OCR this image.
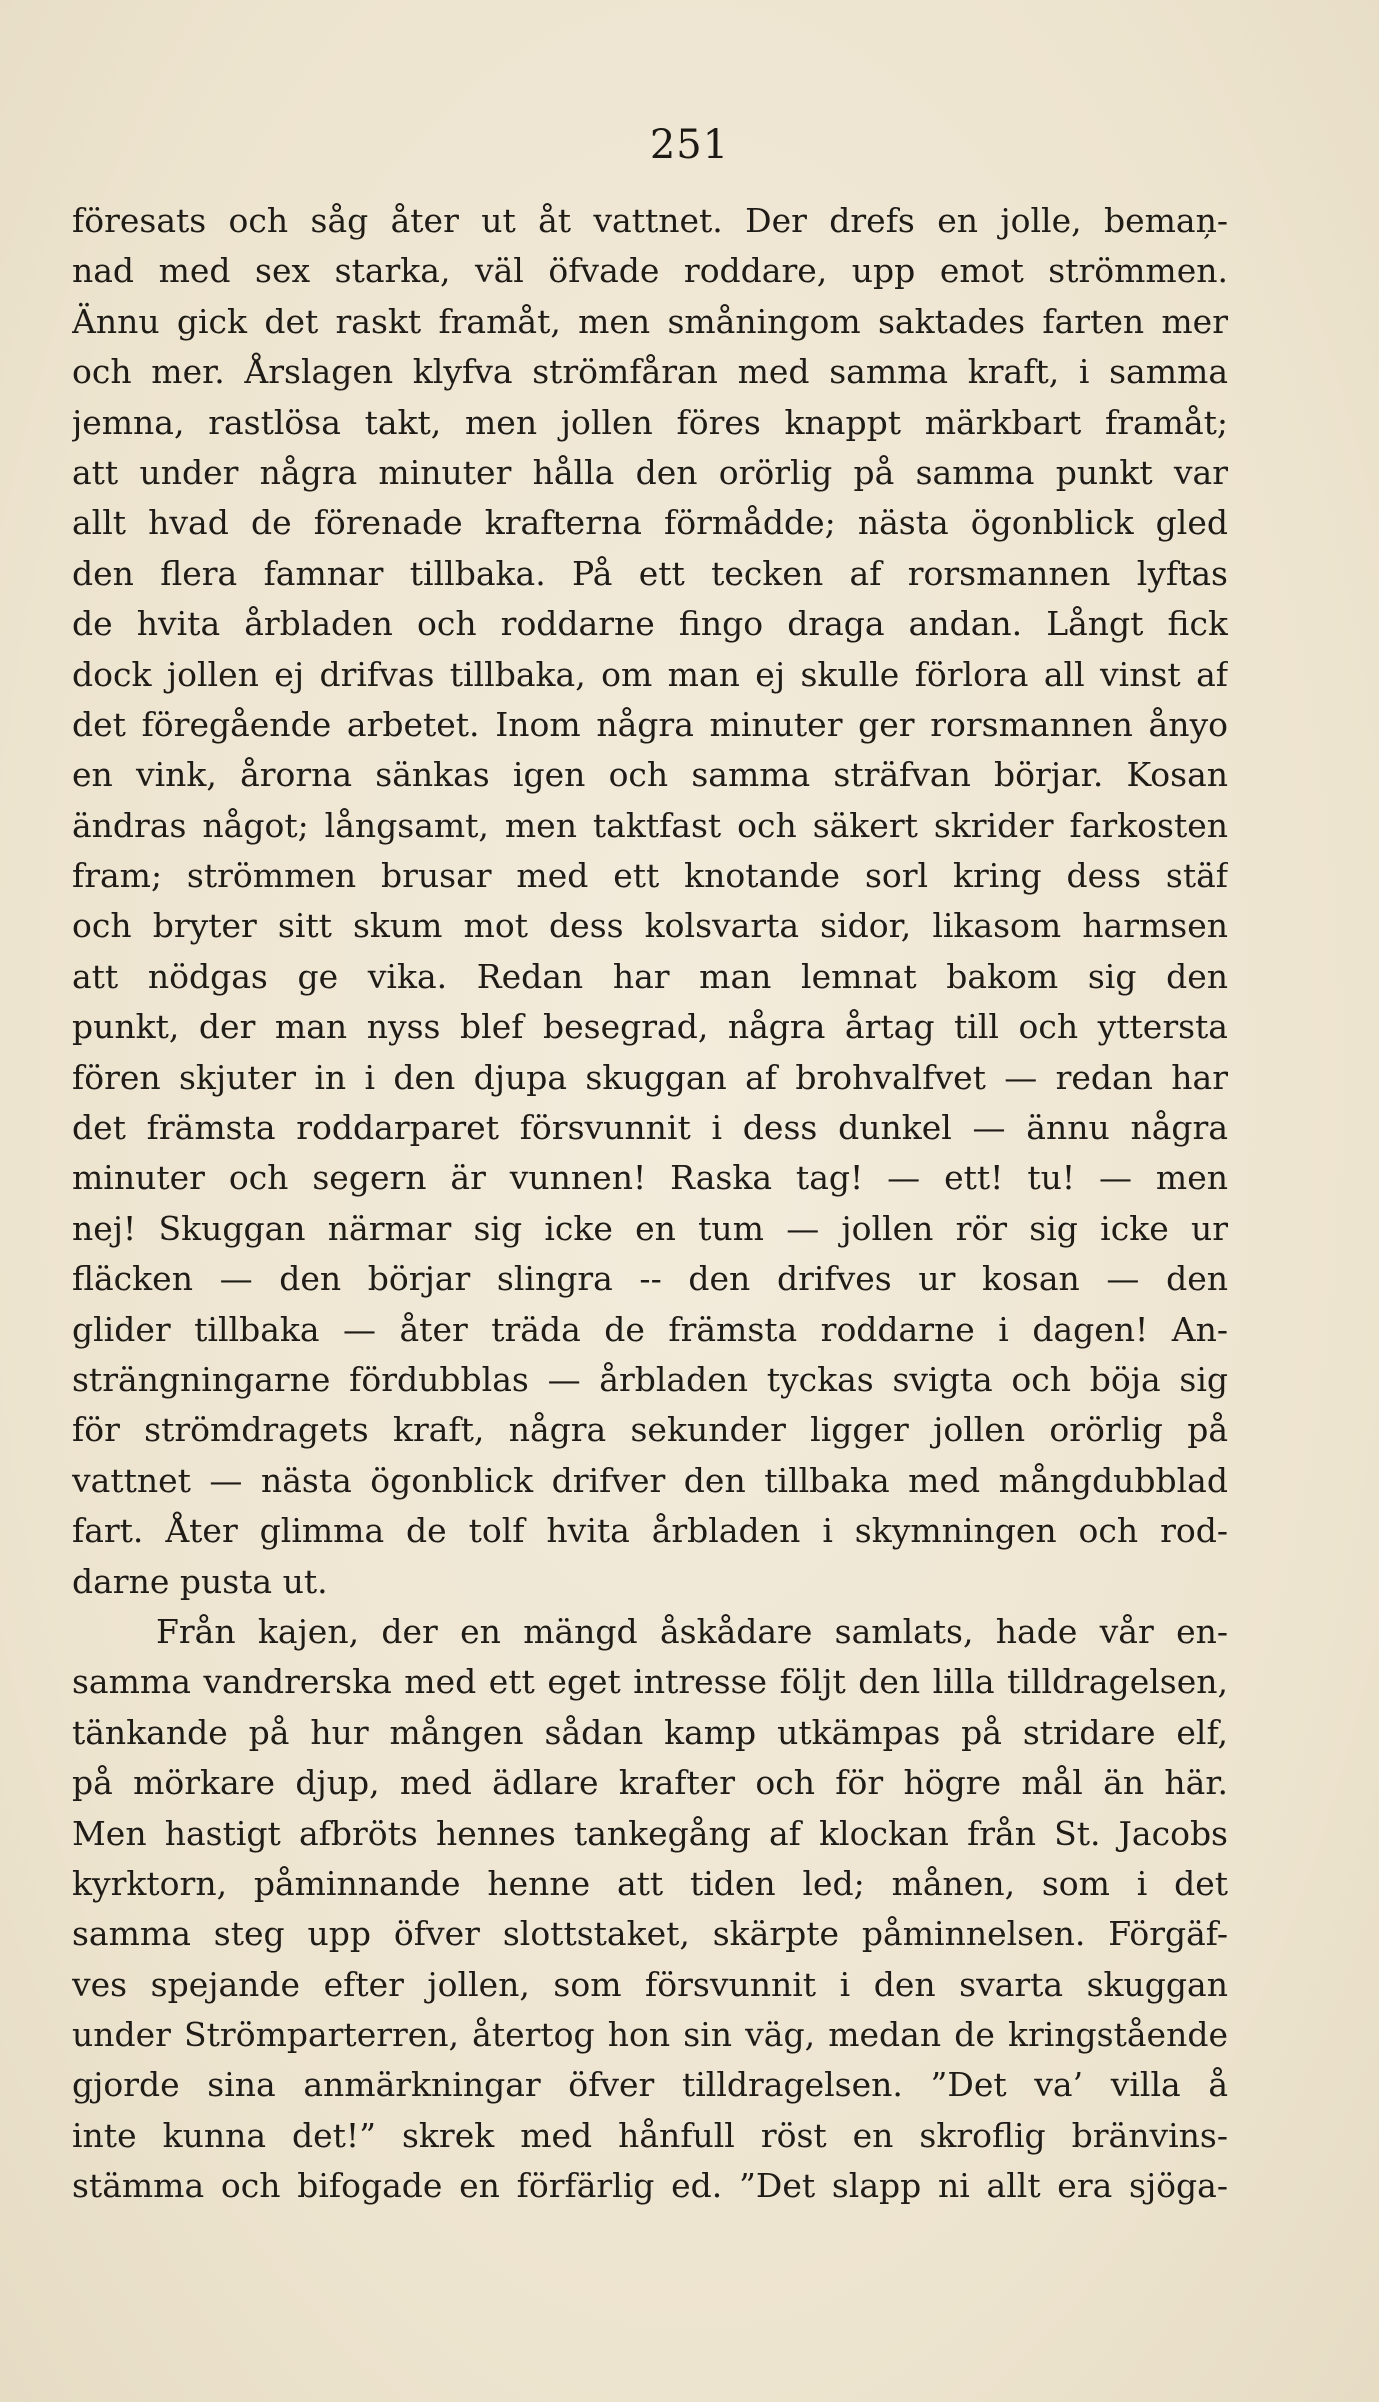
251
föresats och såg åter ut åt vattnet. Der drefs en jolle, bemaņ-
nad med sex starka, väl öfvade roddare, upp emot strömmen.
Ännu gick det raskt framåt, men småningom saktades farten mer
och mer. Årslagen klyfva strömfåran med samma kraft, i samma
jemna, rastlösa takt, men jollen föres knappt märkbart framåt;
att under några minuter hålla den orörlig på samma punkt var
allt hvad de förenade krafterna förmådde; nästa ögonblick gled
den flera famnar tillbaka. På ett tecken af rorsmannen lyftas
de hvita årbladen och roddarne fingo draga andan. Långt fick
dock jollen ej drifvas tillbaka, om man ej skulle förlora all vinst af
det föregående arbetet. Inom några minuter ger rorsmannen ånyo
en vink, årorna sänkas igen och samma sträfvan börjar. Kosan
ändras något; långsamt, men taktfast och säkert skrider farkosten
fram; strömmen brusar med ett knotande sorl kring dess stäf
och bryter sitt skum mot dess kolsvarta sidor, likasom harmsen
att nödgas ge vika. Redan har man lemnat bakom sig den
punkt, der man nyss blef besegrad, några årtag till och yttersta
fören skjuter in i den djupa skuggan af brohvalfvet — redan har
det främsta roddarparet försvunnit i dess dunkel — ännu några
minuter och segern är vunnen! Raska tag! — ett! tu! — men
nej! Skuggan närmar sig icke en tum — jollen rör sig icke ur
fläcken — den börjar slingra -- den drifves ur kosan — den
glider tillbaka — åter träda de främsta roddarne i dagen! An-
strängningarne fördubblas — årbladen tyckas svigta och böja sig
för strömdragets kraft, några sekunder ligger jollen orörlig på
vattnet — nästa ögonblick drifver den tillbaka med mångdubblad
fart. Åter glimma de tolf hvita årbladen i skymningen och rod-
darne pusta ut.
Från kajen, der en mängd åskådare samlats, hade vår en-
samma vandrerska med ett eget intresse följt den lilla tilldragelsen,
tänkande på hur mången sådan kamp utkämpas på stridare elf,
på mörkare djup, med ädlare krafter och för högre mål än här.
Men hastigt afbröts hennes tankegång af klockan från St. Jacobs
kyrktorn, påminnande henne att tiden led; månen, som i det
samma steg upp öfver slottstaket, skärpte påminnelsen. Förgäf-
ves spejande efter jollen, som försvunnit i den svarta skuggan
under Strömparterren, återtog hon sin väg, medan de kringstående
gjorde sina anmärkningar öfver tilldragelsen. ”Det va’ villa å
inte kunna det!” skrek med hånfull röst en skroflig bränvins-
stämma och bifogade en förfärlig ed. ”Det slapp ni allt era sjöga-
